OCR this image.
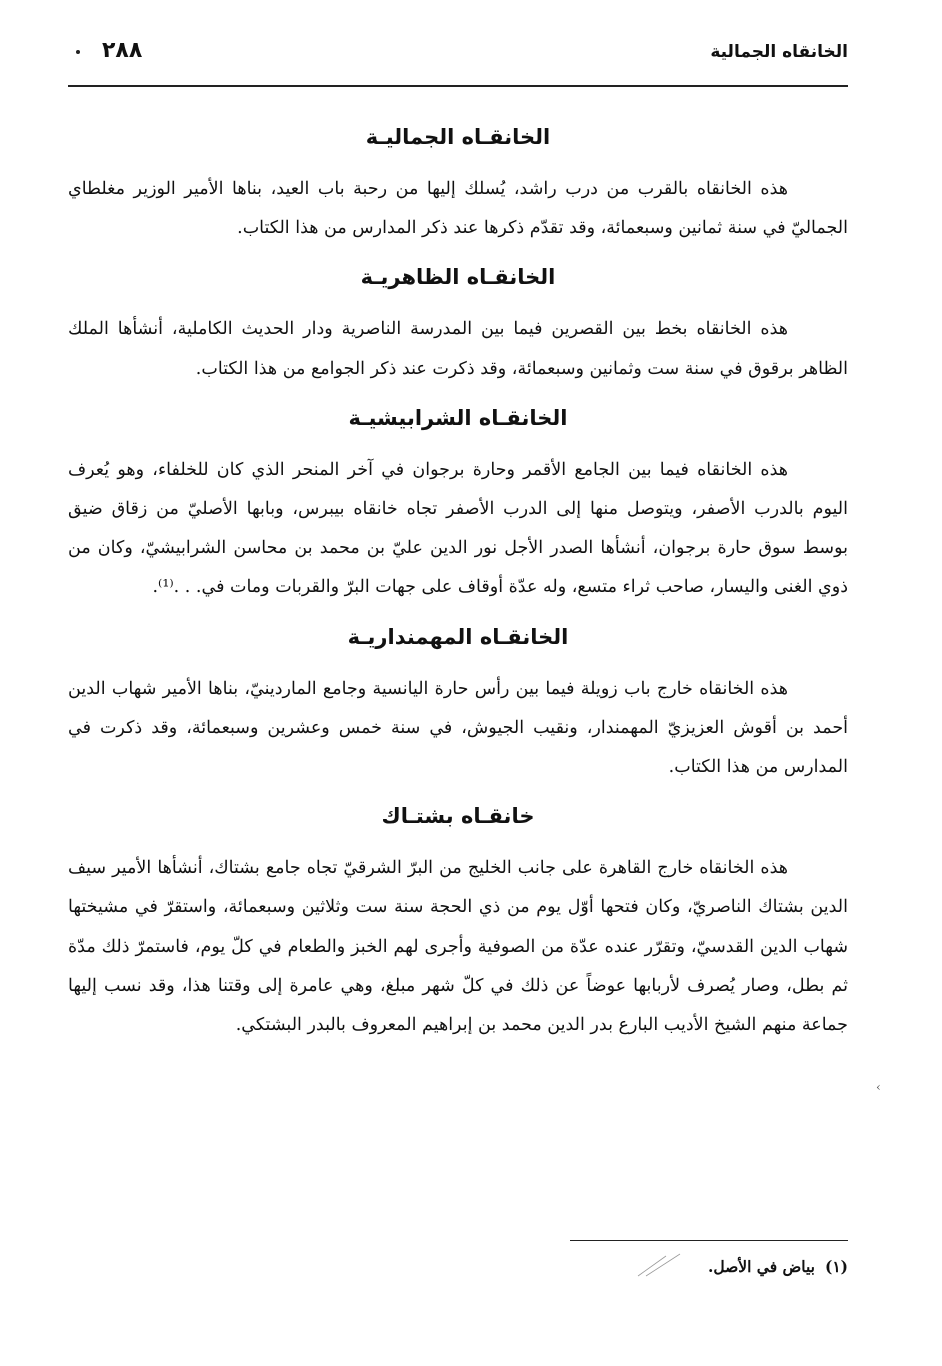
٢٨٨	الخانقاه الجمالية
الخانقـاه الجماليـة

هذه الخانقاه بالقرب من درب راشد، يُسلك إليها من رحبة باب العيد، بناها الأمير الوزير مغلطاي الجماليّ في سنة ثمانين وسبعمائة، وقد تقدّم ذكرها عند ذكر المدارس من هذا الكتاب.

الخانقـاه الظاهريـة

هذه الخانقاه بخط بين القصرين فيما بين المدرسة الناصرية ودار الحديث الكاملية، أنشأها الملك الظاهر برقوق في سنة ست وثمانين وسبعمائة، وقد ذكرت عند ذكر الجوامع من هذا الكتاب.

الخانقـاه الشرابيشيـة

هذه الخانقاه فيما بين الجامع الأقمر وحارة برجوان في آخر المنحر الذي كان للخلفاء، وهو يُعرف اليوم بالدرب الأصفر، ويتوصل منها إلى الدرب الأصفر تجاه خانقاه بيبرس، وبابها الأصليّ من زقاق ضيق بوسط سوق حارة برجوان، أنشأها الصدر الأجل نور الدين عليّ بن محمد بن محاسن الشرابيشيّ، وكان من ذوي الغنى واليسار، صاحب ثراء متسع، وله عدّة أوقاف على جهات البرّ والقربات ومات في. . .⁽¹⁾.

الخانقـاه المهمنداريـة

هذه الخانقاه خارج باب زويلة فيما بين رأس حارة اليانسية وجامع الماردينيّ، بناها الأمير شهاب الدين أحمد بن أقوش العزيزيّ المهمندار، ونقيب الجيوش، في سنة خمس وعشرين وسبعمائة، وقد ذكرت في المدارس من هذا الكتاب.

خانقـاه بشتـاك

هذه الخانقاه خارج القاهرة على جانب الخليج من البرّ الشرقيّ تجاه جامع بشتاك، أنشأها الأمير سيف الدين بشتاك الناصريّ، وكان فتحها أوّل يوم من ذي الحجة سنة ست وثلاثين وسبعمائة، واستقرّ في مشيختها شهاب الدين القدسيّ، وتقرّر عنده عدّة من الصوفية وأجرى لهم الخبز والطعام في كلّ يوم، فاستمرّ ذلك مدّة ثم بطل، وصار يُصرف لأربابها عوضاً عن ذلك في كلّ شهر مبلغ، وهي عامرة إلى وقتنا هذا، وقد نسب إليها جماعة منهم الشيخ الأديب البارع بدر الدين محمد بن إبراهيم المعروف بالبدر البشتكي.

‹
(١)بياض في الأصل.
